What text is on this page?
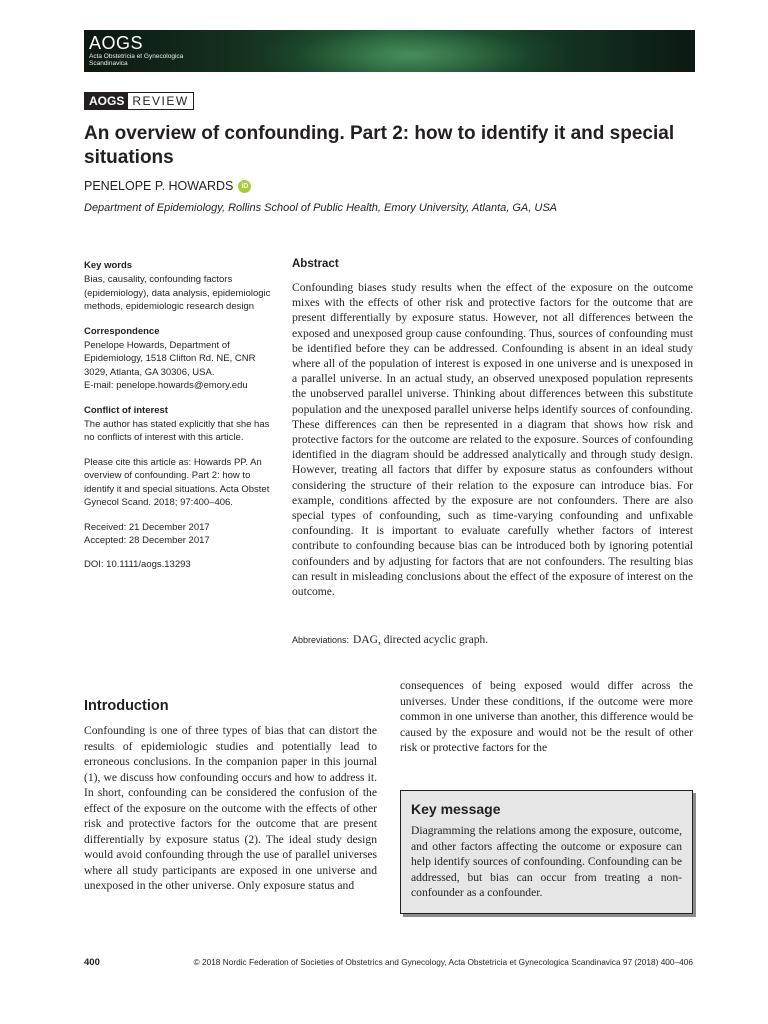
AOGS
Acta Obstetricia et Gynecologica
Scandinavica
AOGS REVIEW
An overview of confounding. Part 2: how to identify it and special situations
PENELOPE P. HOWARDS	iD
Department of Epidemiology, Rollins School of Public Health, Emory University, Atlanta, GA, USA
Key words

Bias, causality, confounding factors (epidemiology), data analysis, epidemiologic methods, epidemiologic research design

Correspondence

Penelope Howards, Department of Epidemiology, 1518 Clifton Rd. NE, CNR 3029, Atlanta, GA 30306, USA.

E-mail: penelope.howards@emory.edu

Conflict of interest

The author has stated explicitly that she has no conflicts of interest with this article.

Please cite this article as: Howards PP. An overview of confounding. Part 2: how to identify it and special situations. Acta Obstet Gynecol Scand. 2018; 97:400–406.

Received: 21 December 2017

Accepted: 28 December 2017

DOI: 10.1111/aogs.13293

Abstract

Confounding biases study results when the effect of the exposure on the outcome mixes with the effects of other risk and protective factors for the outcome that are present differentially by exposure status. However, not all differences between the exposed and unexposed group cause confounding. Thus, sources of confounding must be identified before they can be addressed. Confounding is absent in an ideal study where all of the population of interest is exposed in one universe and is unexposed in a parallel universe. In an actual study, an observed unexposed population represents the unobserved parallel universe. Thinking about differences between this substitute population and the unexposed parallel universe helps identify sources of confounding. These differences can then be represented in a diagram that shows how risk and protective factors for the outcome are related to the exposure. Sources of confounding identified in the diagram should be addressed analytically and through study design. However, treating all factors that differ by exposure status as confounders without considering the structure of their relation to the exposure can introduce bias. For example, conditions affected by the exposure are not confounders. There are also special types of confounding, such as time-varying confounding and unfixable confounding. It is important to evaluate carefully whether factors of interest contribute to confounding because bias can be introduced both by ignoring potential confounders and by adjusting for factors that are not confounders. The resulting bias can result in misleading conclusions about the effect of the exposure of interest on the outcome.

Abbreviations: DAG, directed acyclic graph.
Introduction

Confounding is one of three types of bias that can distort the results of epidemiologic studies and potentially lead to erroneous conclusions. In the companion paper in this journal (1), we discuss how confounding occurs and how to address it. In short, confounding can be considered the confusion of the effect of the exposure on the outcome with the effects of other risk and protective factors for the outcome that are present differentially by exposure status (2). The ideal study design would avoid confounding through the use of parallel universes where all study participants are exposed in one universe and unexposed in the other universe. Only exposure status and

consequences of being exposed would differ across the universes. Under these conditions, if the outcome were more common in one universe than another, this difference would be caused by the exposure and would not be the result of other risk or protective factors for the

Key message

Diagramming the relations among the exposure, outcome, and other factors affecting the outcome or exposure can help identify sources of confounding. Confounding can be addressed, but bias can occur from treating a non-confounder as a confounder.

400	© 2018 Nordic Federation of Societies of Obstetrics and Gynecology, Acta Obstetricia et Gynecologica Scandinavica 97 (2018) 400–406
